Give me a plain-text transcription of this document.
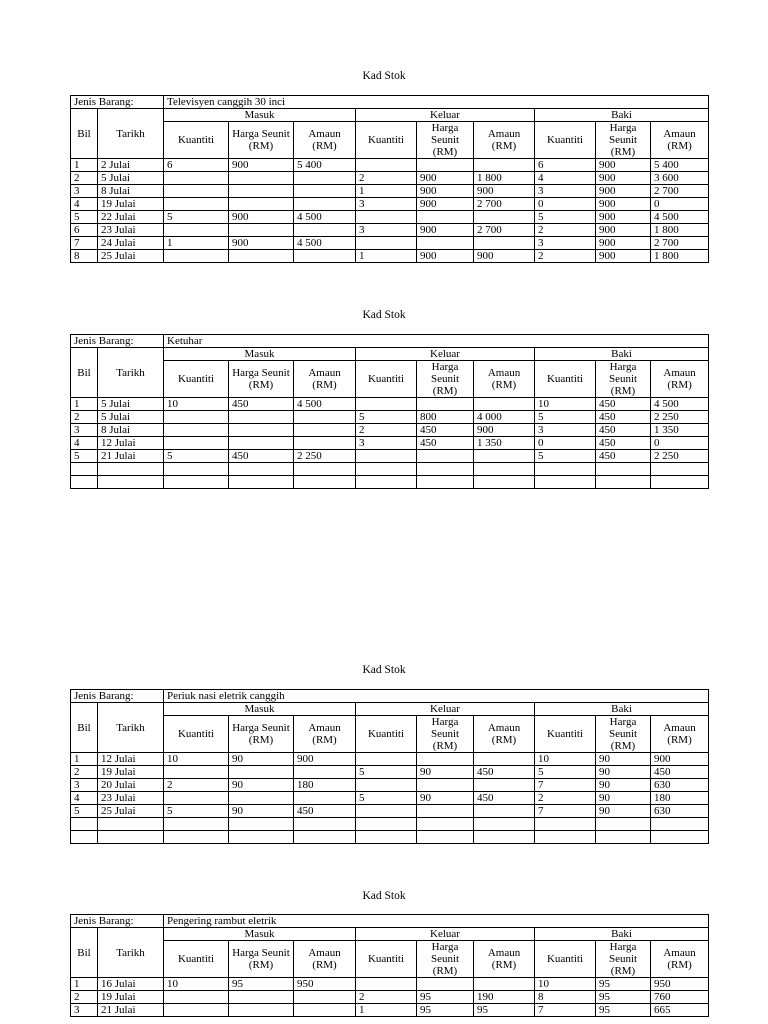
Kad Stok
Jenis Barang:		Televisyen canggih 30 inci								
Bil	Tarikh	Masuk			Keluar			Baki		
		Kuantiti	Harga Seunit (RM)	Amaun (RM)	Kuantiti	Harga Seunit (RM)	Amaun (RM)	Kuantiti	Harga Seunit (RM)	Amaun (RM)
1	2 Julai	6	900	5 400				6	900	5 400
2	5 Julai				2	900	1 800	4	900	3 600
3	8 Julai				1	900	900	3	900	2 700
4	19 Julai				3	900	2 700	0	900	0
5	22 Julai	5	900	4 500				5	900	4 500
6	23 Julai				3	900	2 700	2	900	1 800
7	24 Julai	1	900	4 500				3	900	2 700
8	25 Julai				1	900	900	2	900	1 800
Kad Stok
Jenis Barang:		Ketuhar								
Bil	Tarikh	Masuk			Keluar			Baki		
		Kuantiti	Harga Seunit (RM)	Amaun (RM)	Kuantiti	Harga Seunit (RM)	Amaun (RM)	Kuantiti	Harga Seunit (RM)	Amaun (RM)
1	5 Julai	10	450	4 500				10	450	4 500
2	5 Julai				5	800	4 000	5	450	2 250
3	8 Julai				2	450	900	3	450	1 350
4	12 Julai				3	450	1 350	0	450	0
5	21 Julai	5	450	2 250				5	450	2 250

Kad Stok
Jenis Barang:		Periuk nasi eletrik canggih								
Bil	Tarikh	Masuk			Keluar			Baki		
		Kuantiti	Harga Seunit (RM)	Amaun (RM)	Kuantiti	Harga Seunit (RM)	Amaun (RM)	Kuantiti	Harga Seunit (RM)	Amaun (RM)
1	12 Julai	10	90	900				10	90	900
2	19 Julai				5	90	450	5	90	450
3	20 Julai	2	90	180				7	90	630
4	23 Julai				5	90	450	2	90	180
5	25 Julai	5	90	450				7	90	630

Kad Stok
Jenis Barang:		Pengering rambut eletrik								
Bil	Tarikh	Masuk			Keluar			Baki		
		Kuantiti	Harga Seunit (RM)	Amaun (RM)	Kuantiti	Harga Seunit (RM)	Amaun (RM)	Kuantiti	Harga Seunit (RM)	Amaun (RM)
1	16 Julai	10	95	950				10	95	950
2	19 Julai				2	95	190	8	95	760
3	21 Julai				1	95	95	7	95	665
